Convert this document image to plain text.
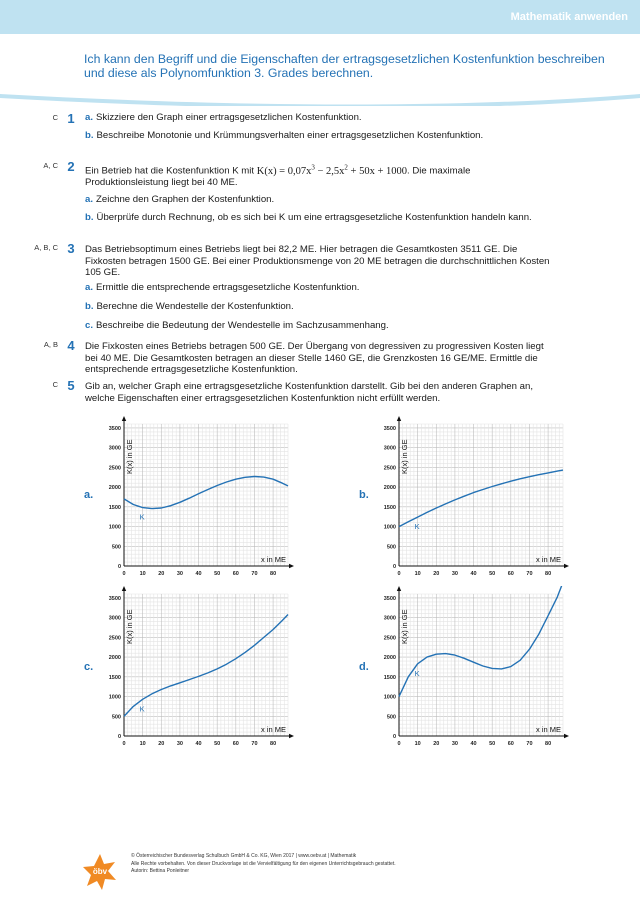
Mathematik anwenden
Ich kann den Begriff und die Eigenschaften der ertragsgesetzlichen Kostenfunktion beschreiben und diese als Polynomfunktion 3. Grades berechnen.
C 1 a. Skizziere den Graph einer ertragsgesetzlichen Kostenfunktion.
b. Beschreibe Monotonie und Krümmungsverhalten einer ertragsgesetzlichen Kostenfunktion.
A, C 2 Ein Betrieb hat die Kostenfunktion K mit $K(x) = 0,07x^3 - 2,5x^2 + 50x + 1000$. Die maximale Produktionsleistung liegt bei 40 ME.
a. Zeichne den Graphen der Kostenfunktion.
b. Überprüfe durch Rechnung, ob es sich bei K um eine ertragsgesetzliche Kostenfunktion handeln kann.
A, B, C 3 Das Betriebsoptimum eines Betriebs liegt bei 82,2 ME. Hier betragen die Gesamtkosten 3511 GE. Die Fixkosten betragen 1500 GE. Bei einer Produktionsmenge von 20 ME betragen die durchschnittlichen Kosten 105 GE.
a. Ermittle die entsprechende ertragsgesetzliche Kostenfunktion.
b. Berechne die Wendestelle der Kostenfunktion.
c. Beschreibe die Bedeutung der Wendestelle im Sachzusammenhang.
A, B 4 Die Fixkosten eines Betriebs betragen 500 GE. Der Übergang von degressiven zu progressiven Kosten liegt bei 40 ME. Die Gesamtkosten betragen an dieser Stelle 1460 GE, die Grenzkosten 16 GE/ME. Ermittle die entsprechende ertragsgesetzliche Kostenfunktion.
C 5 Gib an, welcher Graph eine ertragsgesetzliche Kostenfunktion darstellt. Gib bei den anderen Graphen an, welche Eigenschaften einer ertragsgesetzlichen Kostenfunktion nicht erfüllt werden.
a.
0	10 20 30 40 50 60 70 80
0
500
1000
1500
2000
2500
3000
3500
K(x) in GE
x in ME
K
b.
0	10 20 30 40 50 60 70 80
0
500
1000
1500
2000
2500
3000
3500
K(x) in GE
x in ME
K
c.
0	10 20 30 40 50 60 70 80
0
500
1000
1500
2000
2500
3000
3500
K(x) in GE
x in ME
K
d.
0	10 20 30 40 50 60 70 80
0
500
1000
1500
2000
2500
3000
3500
K(x) in GE
x in ME
K
öbv
© Österreichischer Bundesverlag Schulbuch GmbH & Co. KG, Wien 2017 | www.oebv.at | Mathematik
Alle Rechte vorbehalten. Von dieser Druckvorlage ist die Vervielfältigung für den eigenen Unterrichtsgebrauch gestattet.
Autorin: Bettina Ponleitner
